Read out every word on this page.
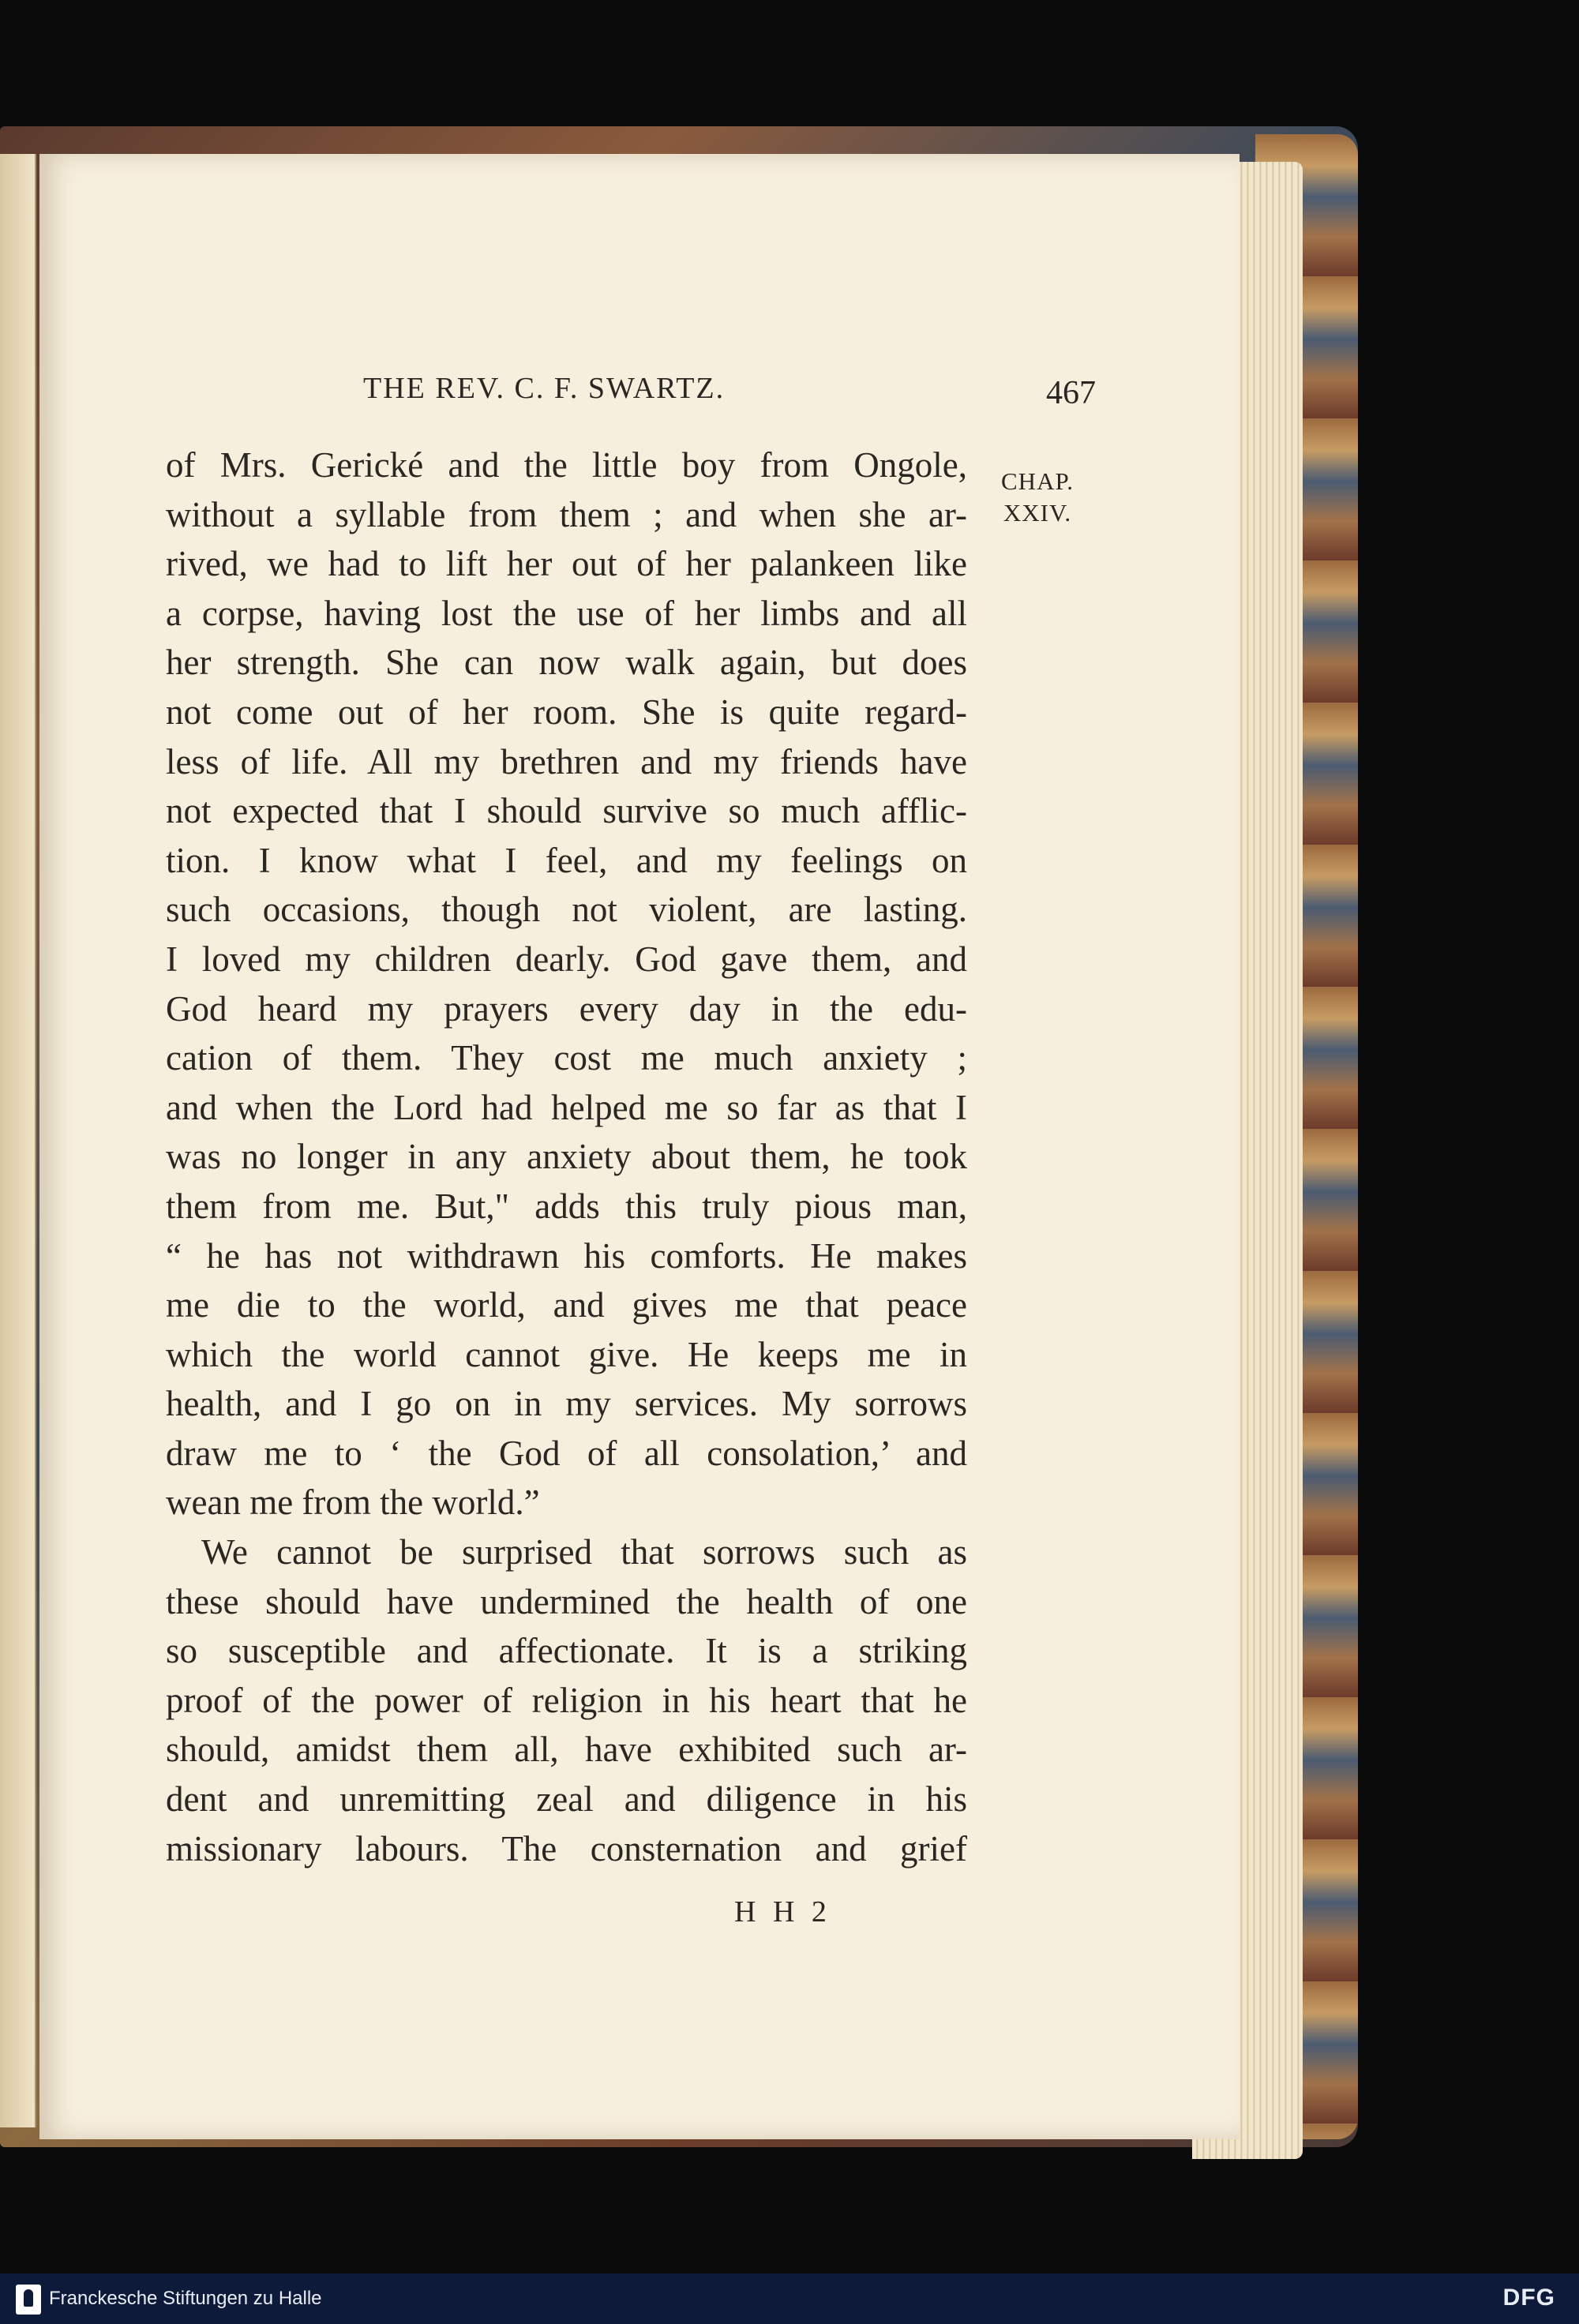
THE REV. C. F. SWARTZ.	467
CHAP.
XXIV.
of Mrs. Gerické and the little boy from Ongole,
without a syllable from them ; and when she ar-
rived, we had to lift her out of her palankeen like
a corpse, having lost the use of her limbs and all
her strength. She can now walk again, but does
not come out of her room. She is quite regard-
less of life. All my brethren and my friends have
not expected that I should survive so much afflic-
tion. I know what I feel, and my feelings on
such occasions, though not violent, are lasting.
I loved my children dearly. God gave them, and
God heard my prayers every day in the edu-
cation of them. They cost me much anxiety ;
and when the Lord had helped me so far as that I
was no longer in any anxiety about them, he took
them from me. But," adds this truly pious man,
“ he has not withdrawn his comforts. He makes
me die to the world, and gives me that peace
which the world cannot give. He keeps me in
health, and I go on in my services. My sorrows
draw me to ‘ the God of all consolation,’ and
wean me from the world.”
We cannot be surprised that sorrows such as
these should have undermined the health of one
so susceptible and affectionate. It is a striking
proof of the power of religion in his heart that he
should, amidst them all, have exhibited such ar-
dent and unremitting zeal and diligence in his
missionary labours. The consternation and grief
H H 2
Franckesche Stiftungen zu Halle	DFG
